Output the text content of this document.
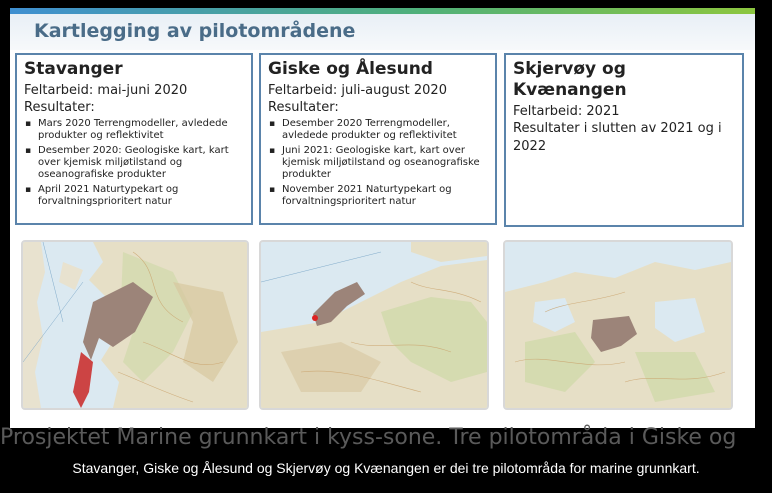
Kartlegging av pilotområdene
Stavanger
Feltarbeid: mai-juni 2020
Resultater:
▪ Mars 2020 Terrengmodeller, avledede produkter og reflektivitet
▪ Desember 2020: Geologiske kart, kart over kjemisk miljøtilstand og oseanografiske produkter
▪ April 2021 Naturtypekart og forvaltningsprioritert natur
Giske og Ålesund
Feltarbeid: juli-august 2020
Resultater:
▪ Desember 2020 Terrengmodeller, avledede produkter og reflektivitet
▪ Juni 2021: Geologiske kart, kart over kjemisk miljøtilstand og oseanografiske produkter
▪ November 2021 Naturtypekart og forvaltningsprioritert natur
Skjervøy og Kvænangen
Feltarbeid: 2021
Resultater i slutten av 2021 og i 2022
Prosjektet Marine grunnkart i kyss-sone. Tre pilotområda i Giske og
Stavanger, Giske og Ålesund og Skjervøy og Kvænangen er dei tre pilotområda for marine grunnkart.
